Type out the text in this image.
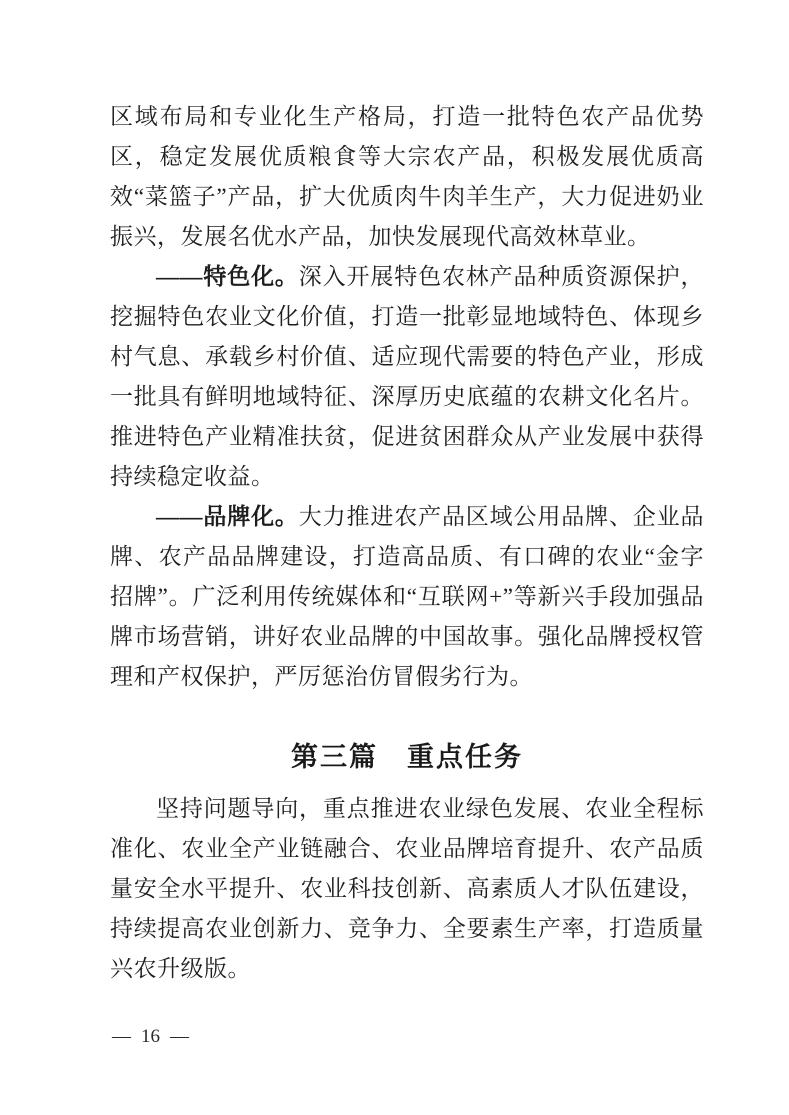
区域布局和专业化生产格局，打造一批特色农产品优势区，稳定发展优质粮食等大宗农产品，积极发展优质高效“菜篮子”产品，扩大优质肉牛肉羊生产，大力促进奶业振兴，发展名优水产品，加快发展现代高效林草业。

——特色化。深入开展特色农林产品种质资源保护，挖掘特色农业文化价值，打造一批彰显地域特色、体现乡村气息、承载乡村价值、适应现代需要的特色产业，形成一批具有鲜明地域特征、深厚历史底蕴的农耕文化名片。推进特色产业精准扶贫，促进贫困群众从产业发展中获得持续稳定收益。

——品牌化。大力推进农产品区域公用品牌、企业品牌、农产品品牌建设，打造高品质、有口碑的农业“金字招牌”。广泛利用传统媒体和“互联网+”等新兴手段加强品牌市场营销，讲好农业品牌的中国故事。强化品牌授权管理和产权保护，严厉惩治仿冒假劣行为。

第三篇　重点任务

坚持问题导向，重点推进农业绿色发展、农业全程标准化、农业全产业链融合、农业品牌培育提升、农产品质量安全水平提升、农业科技创新、高素质人才队伍建设，持续提高农业创新力、竞争力、全要素生产率，打造质量兴农升级版。

— 16 —
